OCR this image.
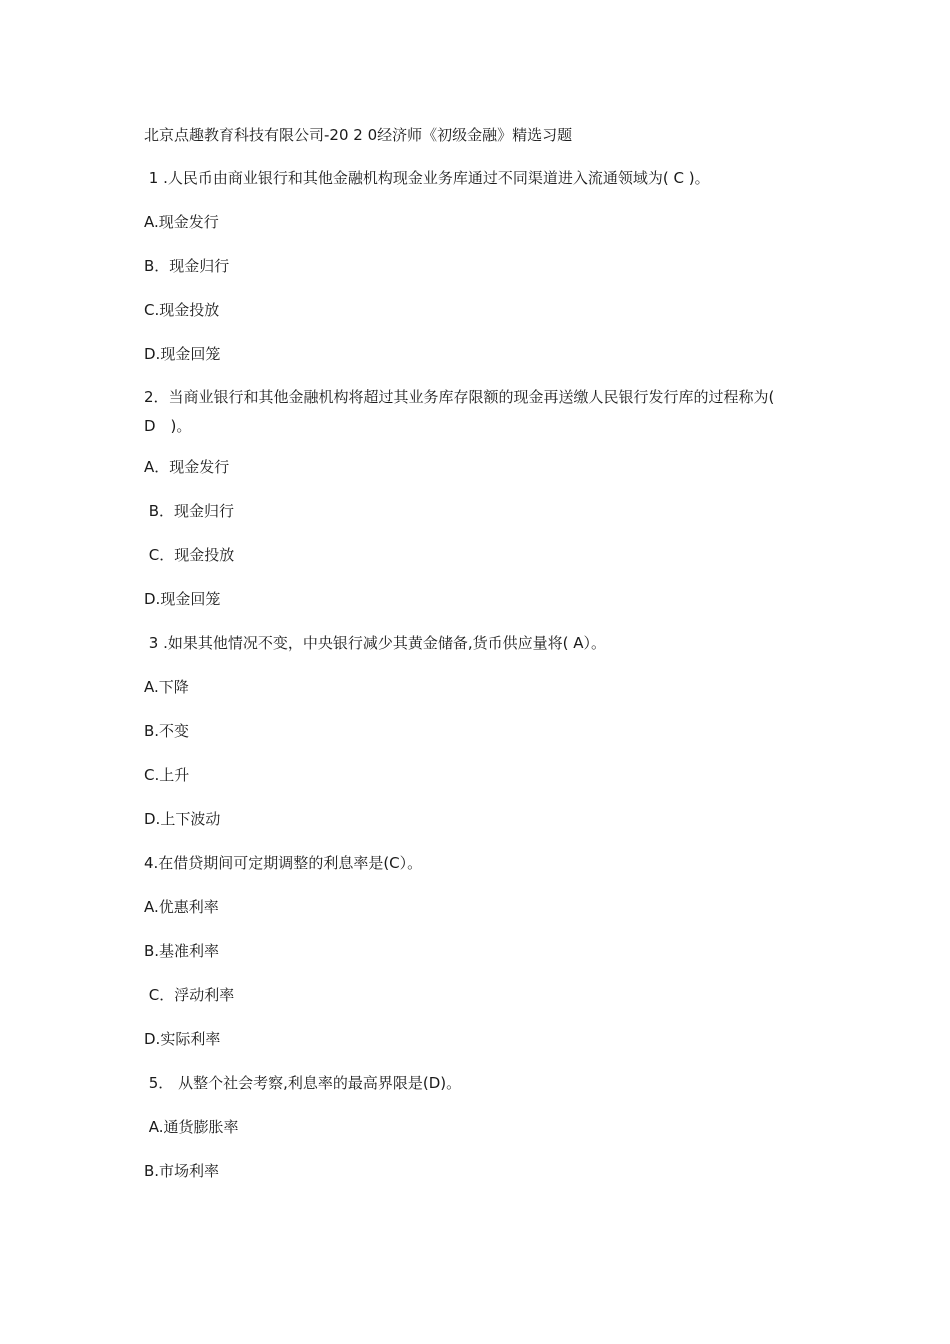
北京点趣教育科技有限公司-20 2 0经济师《初级金融》精选习题
1 .人民币由商业银行和其他金融机构现金业务库通过不同渠道进入流通领域为( C )。
A.现金发行
B．现金归行
C.现金投放
D.现金回笼
2．当商业银行和其他金融机构将超过其业务库存限额的现金再送缴人民银行发行库的过程称为( D　)。
A．现金发行
B．现金归行
C．现金投放
D.现金回笼
3 .如果其他情况不变，中央银行减少其黄金储备,货币供应量将( A）。
A.下降
B.不变
C.上升
D.上下波动
4.在借贷期间可定期调整的利息率是(C）。
A.优惠利率
B.基准利率
C．浮动利率
D.实际利率
5． 从整个社会考察,利息率的最高界限是(D)。
A.通货膨胀率
B.市场利率
